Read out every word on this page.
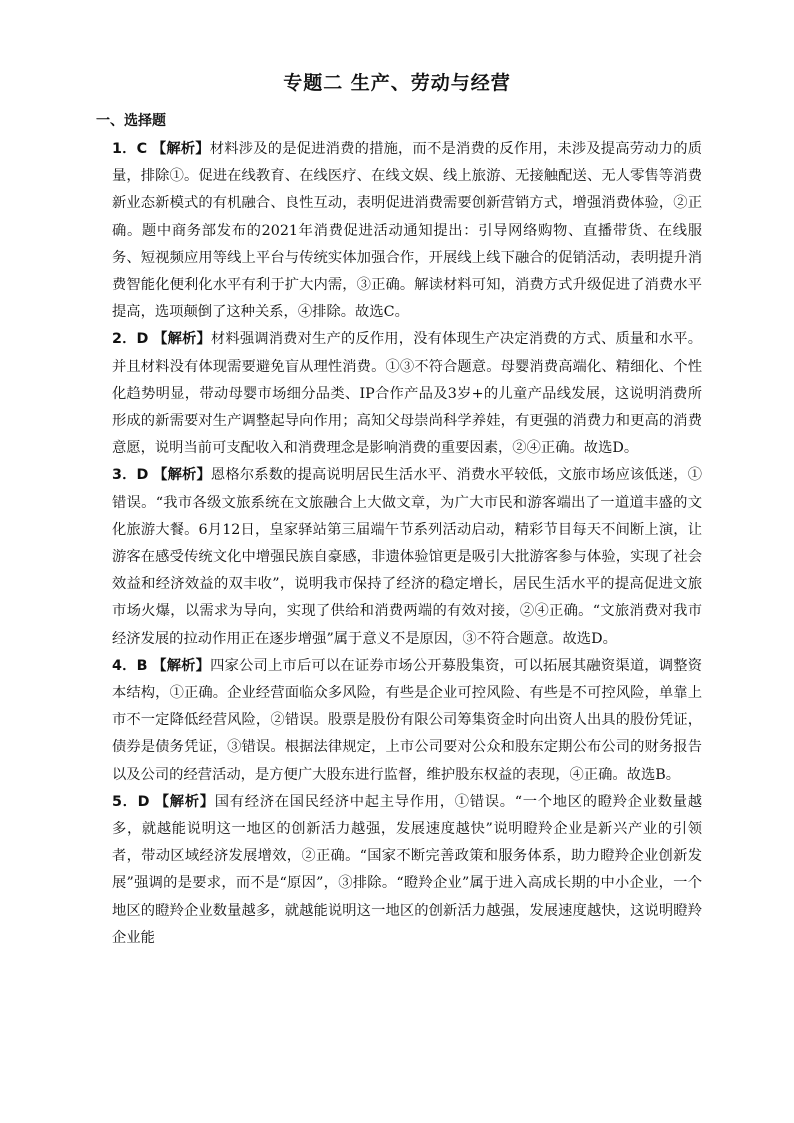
专题二 生产、劳动与经营
一、选择题
1．C 【解析】材料涉及的是促进消费的措施，而不是消费的反作用，未涉及提高劳动力的质量，排除①。促进在线教育、在线医疗、在线文娱、线上旅游、无接触配送、无人零售等消费新业态新模式的有机融合、良性互动，表明促进消费需要创新营销方式，增强消费体验，②正确。题中商务部发布的2021年消费促进活动通知提出：引导网络购物、直播带货、在线服务、短视频应用等线上平台与传统实体加强合作，开展线上线下融合的促销活动，表明提升消费智能化便利化水平有利于扩大内需，③正确。解读材料可知，消费方式升级促进了消费水平提高，选项颠倒了这种关系，④排除。故选C。
2．D 【解析】材料强调消费对生产的反作用，没有体现生产决定消费的方式、质量和水平。并且材料没有体现需要避免盲从理性消费。①③不符合题意。母婴消费高端化、精细化、个性化趋势明显，带动母婴市场细分品类、IP合作产品及3岁+的儿童产品线发展，这说明消费所形成的新需要对生产调整起导向作用；高知父母崇尚科学养娃，有更强的消费力和更高的消费意愿，说明当前可支配收入和消费理念是影响消费的重要因素，②④正确。故选D。
3．D 【解析】恩格尔系数的提高说明居民生活水平、消费水平较低，文旅市场应该低迷，①错误。“我市各级文旅系统在文旅融合上大做文章，为广大市民和游客端出了一道道丰盛的文化旅游大餐。6月12日，皇家驿站第三届端午节系列活动启动，精彩节目每天不间断上演，让游客在感受传统文化中增强民族自豪感，非遗体验馆更是吸引大批游客参与体验，实现了社会效益和经济效益的双丰收”，说明我市保持了经济的稳定增长，居民生活水平的提高促进文旅市场火爆，以需求为导向，实现了供给和消费两端的有效对接，②④正确。“文旅消费对我市经济发展的拉动作用正在逐步增强”属于意义不是原因，③不符合题意。故选D。
4．B 【解析】四家公司上市后可以在证券市场公开募股集资，可以拓展其融资渠道，调整资本结构，①正确。企业经营面临众多风险，有些是企业可控风险、有些是不可控风险，单靠上市不一定降低经营风险，②错误。股票是股份有限公司筹集资金时向出资人出具的股份凭证，债券是债务凭证，③错误。根据法律规定，上市公司要对公众和股东定期公布公司的财务报告以及公司的经营活动，是方便广大股东进行监督，维护股东权益的表现，④正确。故选B。
5．D 【解析】国有经济在国民经济中起主导作用，①错误。“一个地区的瞪羚企业数量越多，就越能说明这一地区的创新活力越强，发展速度越快”说明瞪羚企业是新兴产业的引领者，带动区域经济发展增效，②正确。“国家不断完善政策和服务体系，助力瞪羚企业创新发展”强调的是要求，而不是“原因”，③排除。“瞪羚企业”属于进入高成长期的中小企业，一个地区的瞪羚企业数量越多，就越能说明这一地区的创新活力越强，发展速度越快，这说明瞪羚企业能
